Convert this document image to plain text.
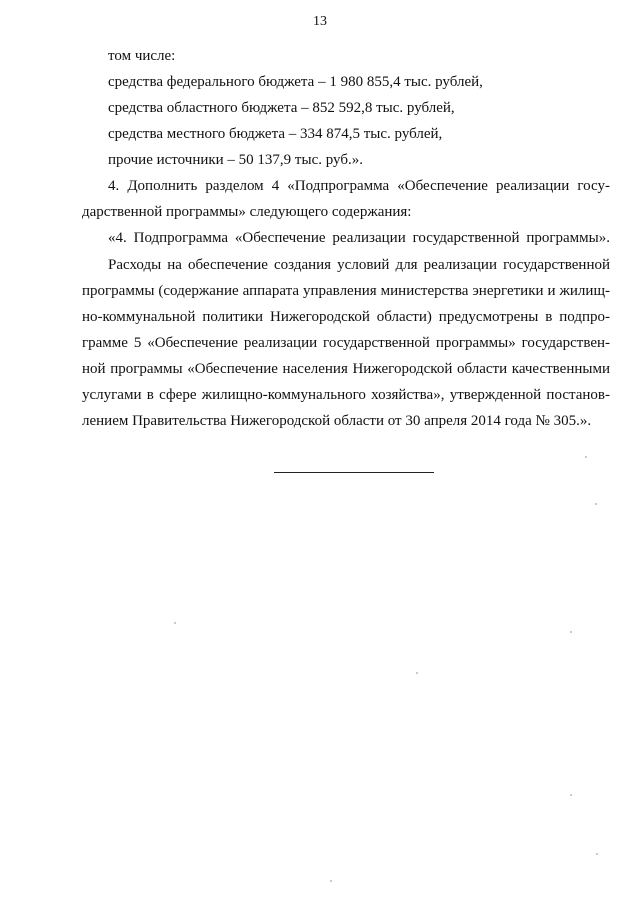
13
том числе:
средства федерального бюджета – 1 980 855,4 тыс. рублей,
средства областного бюджета – 852 592,8 тыс. рублей,
средства местного бюджета – 334 874,5 тыс. рублей,
прочие источники – 50 137,9 тыс. руб.».
4. Дополнить разделом 4 «Подпрограмма «Обеспечение реализации госу-
дарственной программы» следующего содержания:
«4. Подпрограмма «Обеспечение реализации государственной программы».
Расходы на обеспечение создания условий для реализации государственной
программы (содержание аппарата управления министерства энергетики и жилищ-
но-коммунальной политики Нижегородской области) предусмотрены в подпро-
грамме 5 «Обеспечение реализации государственной программы» государствен-
ной программы «Обеспечение населения Нижегородской области качественными
услугами в сфере жилищно-коммунального хозяйства», утвержденной постанов-
лением Правительства Нижегородской области от 30 апреля 2014 года № 305.».
